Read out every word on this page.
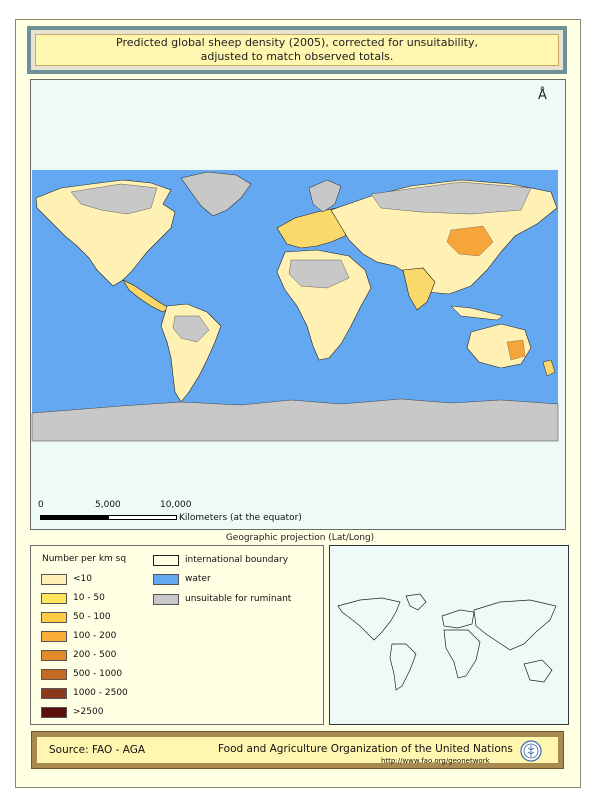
Predicted global sheep density (2005), corrected for unsuitability,
adjusted to match observed totals.
Å
0	5,000	10,000
Kilometers (at the equator)
Geographic projection (Lat/Long)
Number per km sq
<10
10 - 50
50 - 100
100 - 200
200 - 500
500 - 1000
1000 - 2500
>2500
international boundary
water
unsuitable for ruminant
Source: FAO - AGA	Food and Agriculture Organization of the United Nations
http://www.fao.org/geonetwork
